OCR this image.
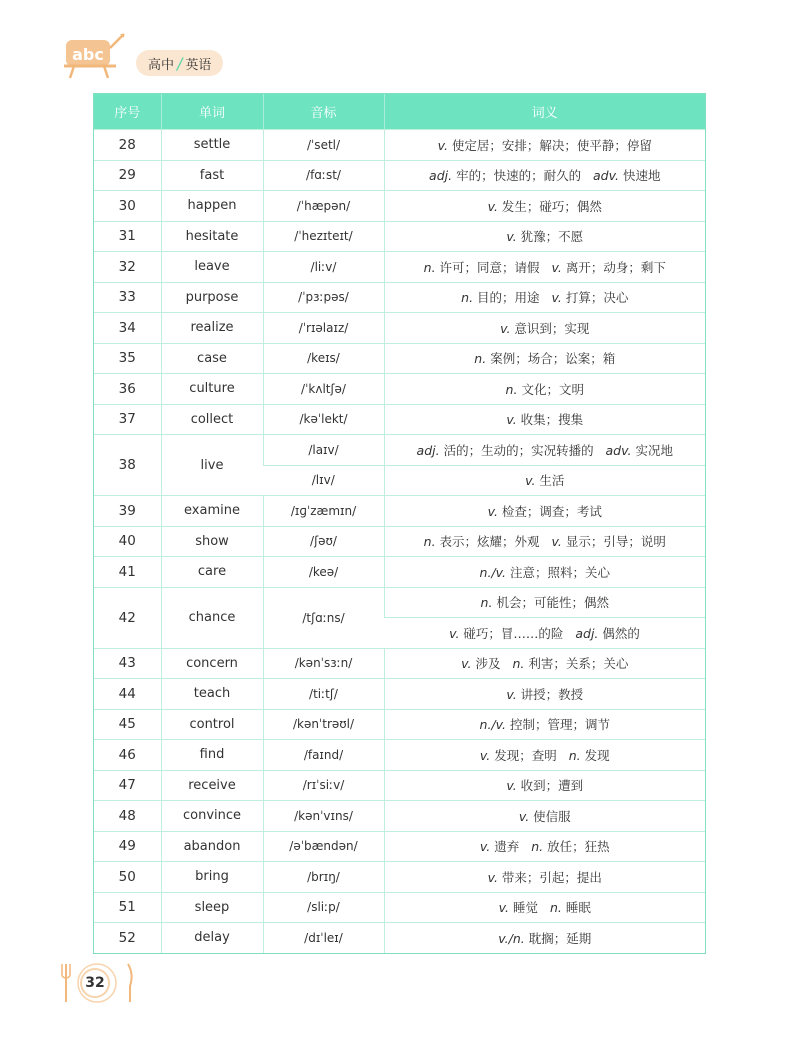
abc
高中 / 英语
序号	单词	音标	词义
28	settle	/ˈsetl/	v. 使定居；安排；解决；使平静；停留
29	fast	/fɑːst/	adj. 牢的；快速的；耐久的 adv. 快速地
30	happen	/ˈhæpən/	v. 发生；碰巧；偶然
31	hesitate	/ˈhezɪteɪt/	v. 犹豫；不愿
32	leave	/liːv/	n. 许可；同意；请假 v. 离开；动身；剩下
33	purpose	/ˈpɜːpəs/	n. 目的；用途 v. 打算；决心
34	realize	/ˈrɪəlaɪz/	v. 意识到；实现
35	case	/keɪs/	n. 案例；场合；讼案；箱
36	culture	/ˈkʌltʃə/	n. 文化；文明
37	collect	/kəˈlekt/	v. 收集；搜集
38	live	/laɪv/	adj. 活的；生动的；实况转播的 adv. 实况地
		/lɪv/	v. 生活
39	examine	/ɪɡˈzæmɪn/	v. 检查；调查；考试
40	show	/ʃəʊ/	n. 表示；炫耀；外观 v. 显示；引导；说明
41	care	/keə/	n./v. 注意；照料；关心
42	chance	/tʃɑːns/	n. 机会；可能性；偶然
			v. 碰巧；冒……的险 adj. 偶然的
43	concern	/kənˈsɜːn/	v. 涉及 n. 利害；关系；关心
44	teach	/tiːtʃ/	v. 讲授；教授
45	control	/kənˈtrəʊl/	n./v. 控制；管理；调节
46	find	/faɪnd/	v. 发现；查明 n. 发现
47	receive	/rɪˈsiːv/	v. 收到；遭到
48	convince	/kənˈvɪns/	v. 使信服
49	abandon	/əˈbændən/	v. 遗弃 n. 放任；狂热
50	bring	/brɪŋ/	v. 带来；引起；提出
51	sleep	/sliːp/	v. 睡觉 n. 睡眠
52	delay	/dɪˈleɪ/	v./n. 耽搁；延期
32
